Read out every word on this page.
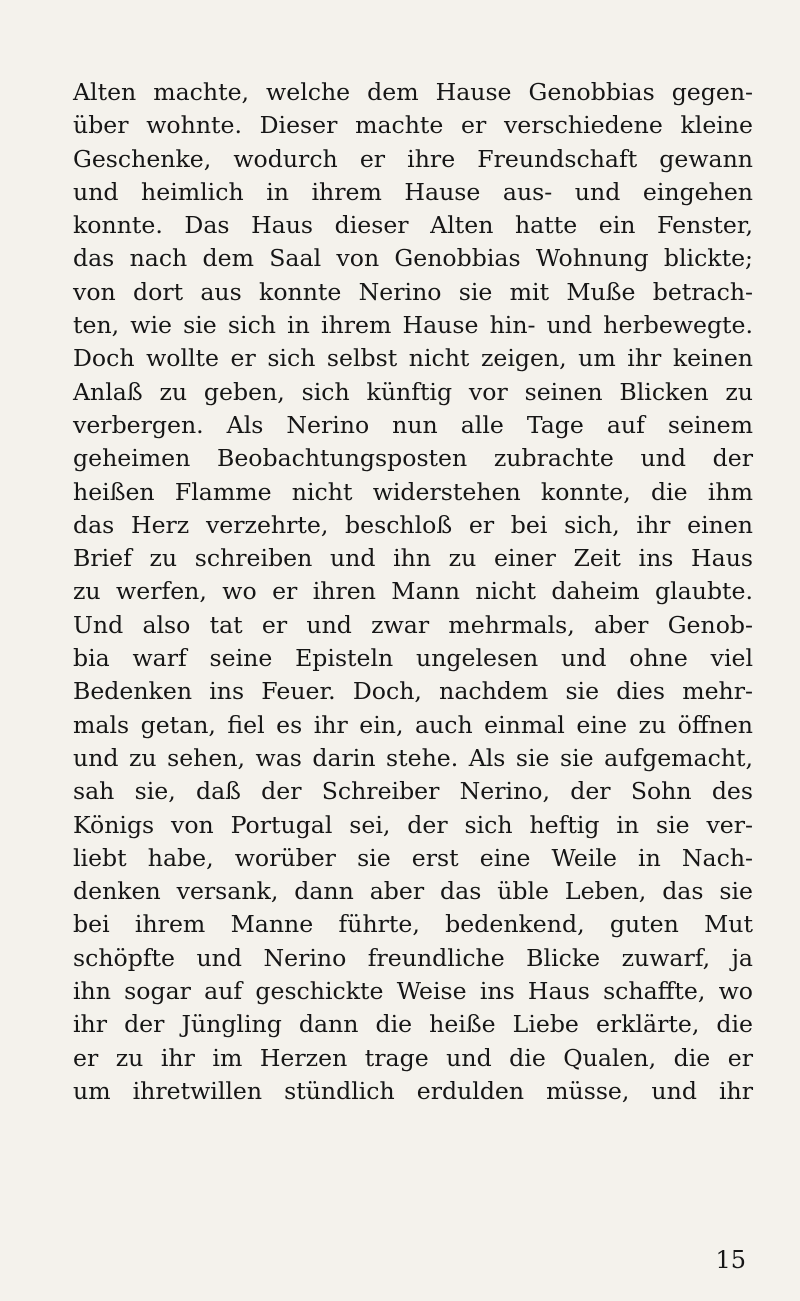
Alten machte, welche dem Hause Genobbias gegen-
über wohnte. Dieser machte er verschiedene kleine
Geschenke, wodurch er ihre Freundschaft gewann
und heimlich in ihrem Hause aus- und eingehen
konnte. Das Haus dieser Alten hatte ein Fenster,
das nach dem Saal von Genobbias Wohnung blickte;
von dort aus konnte Nerino sie mit Muße betrach-
ten, wie sie sich in ihrem Hause hin- und herbewegte.
Doch wollte er sich selbst nicht zeigen, um ihr keinen
Anlaß zu geben, sich künftig vor seinen Blicken zu
verbergen. Als Nerino nun alle Tage auf seinem
geheimen Beobachtungsposten zubrachte und der
heißen Flamme nicht widerstehen konnte, die ihm
das Herz verzehrte, beschloß er bei sich, ihr einen
Brief zu schreiben und ihn zu einer Zeit ins Haus
zu werfen, wo er ihren Mann nicht daheim glaubte.
Und also tat er und zwar mehrmals, aber Genob-
bia warf seine Episteln ungelesen und ohne viel
Bedenken ins Feuer. Doch, nachdem sie dies mehr-
mals getan, fiel es ihr ein, auch einmal eine zu öffnen
und zu sehen, was darin stehe. Als sie sie aufgemacht,
sah sie, daß der Schreiber Nerino, der Sohn des
Königs von Portugal sei, der sich heftig in sie ver-
liebt habe, worüber sie erst eine Weile in Nach-
denken versank, dann aber das üble Leben, das sie
bei ihrem Manne führte, bedenkend, guten Mut
schöpfte und Nerino freundliche Blicke zuwarf, ja
ihn sogar auf geschickte Weise ins Haus schaffte, wo
ihr der Jüngling dann die heiße Liebe erklärte, die
er zu ihr im Herzen trage und die Qualen, die er
um ihretwillen stündlich erdulden müsse, und ihr
15
